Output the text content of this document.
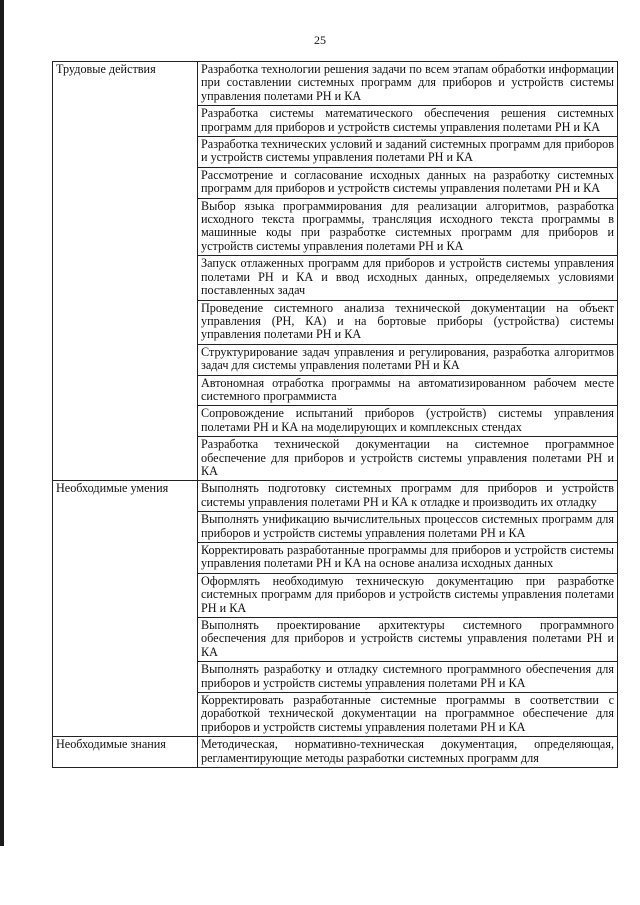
25
Трудовые действия	Разработка технологии решения задачи по всем этапам обработки информации при составлении системных программ для приборов и устройств системы управления полетами РН и КА
	Разработка системы математического обеспечения решения системных программ для приборов и устройств системы управления полетами РН и КА
	Разработка технических условий и заданий системных программ для приборов и устройств системы управления полетами РН и КА
	Рассмотрение и согласование исходных данных на разработку системных программ для приборов и устройств системы управления полетами РН и КА
	Выбор языка программирования для реализации алгоритмов, разработка исходного текста программы, трансляция исходного текста программы в машинные коды при разработке системных программ для приборов и устройств системы управления полетами РН и КА
	Запуск отлаженных программ для приборов и устройств системы управления полетами РН и КА и ввод исходных данных, определяемых условиями поставленных задач
	Проведение системного анализа технической документации на объект управления (РН, КА) и на бортовые приборы (устройства) системы управления полетами РН и КА
	Структурирование задач управления и регулирования, разработка алгоритмов задач для системы управления полетами РН и КА
	Автономная отработка программы на автоматизированном рабочем месте системного программиста
	Сопровождение испытаний приборов (устройств) системы управления полетами РН и КА на моделирующих и комплексных стендах
	Разработка технической документации на системное программное обеспечение для приборов и устройств системы управления полетами РН и КА
Необходимые умения	Выполнять подготовку системных программ для приборов и устройств системы управления полетами РН и КА к отладке и производить их отладку
	Выполнять унификацию вычислительных процессов системных программ для приборов и устройств системы управления полетами РН и КА
	Корректировать разработанные программы для приборов и устройств системы управления полетами РН и КА на основе анализа исходных данных
	Оформлять необходимую техническую документацию при разработке системных программ для приборов и устройств системы управления полетами РН и КА
	Выполнять проектирование архитектуры системного программного обеспечения для приборов и устройств системы управления полетами РН и КА
	Выполнять разработку и отладку системного программного обеспечения для приборов и устройств системы управления полетами РН и КА
	Корректировать разработанные системные программы в соответствии с доработкой технической документации на программное обеспечение для приборов и устройств системы управления полетами РН и КА
Необходимые знания	Методическая, нормативно-техническая документация, определяющая, регламентирующие методы разработки системных программ для
